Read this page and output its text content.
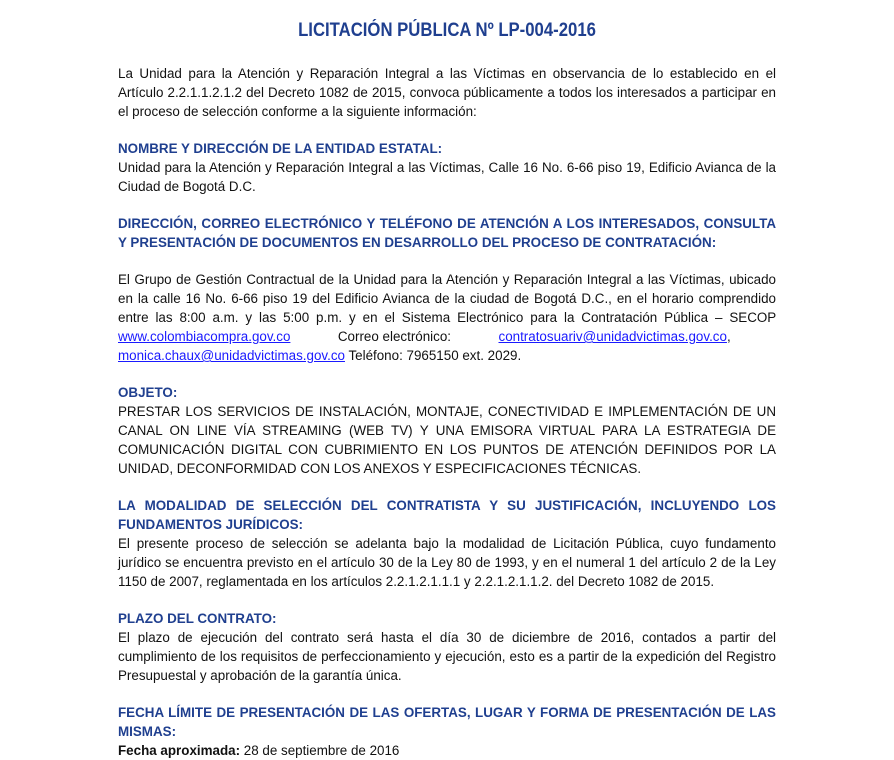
LICITACIÓN PÚBLICA Nº LP-004-2016

La Unidad para la Atención y Reparación Integral a las Víctimas en observancia de lo establecido en el Artículo 2.2.1.1.2.1.2 del Decreto 1082 de 2015, convoca públicamente a todos los interesados a participar en el proceso de selección conforme a la siguiente información:

NOMBRE Y DIRECCIÓN DE LA ENTIDAD ESTATAL:

Unidad para la Atención y Reparación Integral a las Víctimas, Calle 16 No. 6-66 piso 19, Edificio Avianca de la Ciudad de Bogotá D.C.

DIRECCIÓN, CORREO ELECTRÓNICO Y TELÉFONO DE ATENCIÓN A LOS INTERESADOS, CONSULTA Y PRESENTACIÓN DE DOCUMENTOS EN DESARROLLO DEL PROCESO DE CONTRATACIÓN:

El Grupo de Gestión Contractual de la Unidad para la Atención y Reparación Integral a las Víctimas, ubicado en la calle 16 No. 6-66 piso 19 del Edificio Avianca de la ciudad de Bogotá D.C., en el horario comprendido entre las 8:00 a.m. y las 5:00 p.m. y en el Sistema Electrónico para la Contratación Pública – SECOP www.colombiacompra.gov.co	Correo electrónico:	contratosuariv@unidadvictimas.gov.co,
monica.chaux@unidadvictimas.gov.co Teléfono: 7965150 ext. 2029.

OBJETO:

PRESTAR LOS SERVICIOS DE INSTALACIÓN, MONTAJE, CONECTIVIDAD E IMPLEMENTACIÓN DE UN CANAL ON LINE VÍA STREAMING (WEB TV) Y UNA EMISORA VIRTUAL PARA LA ESTRATEGIA DE COMUNICACIÓN DIGITAL CON CUBRIMIENTO EN LOS PUNTOS DE ATENCIÓN DEFINIDOS POR LA UNIDAD, DECONFORMIDAD CON LOS ANEXOS Y ESPECIFICACIONES TÉCNICAS.

LA MODALIDAD DE SELECCIÓN DEL CONTRATISTA Y SU JUSTIFICACIÓN, INCLUYENDO LOS FUNDAMENTOS JURÍDICOS:

El presente proceso de selección se adelanta bajo la modalidad de Licitación Pública, cuyo fundamento jurídico se encuentra previsto en el artículo 30 de la Ley 80 de 1993, y en el numeral 1 del artículo 2 de la Ley 1150 de 2007, reglamentada en los artículos 2.2.1.2.1.1.1 y 2.2.1.2.1.1.2. del Decreto 1082 de 2015.

PLAZO DEL CONTRATO:

El plazo de ejecución del contrato será hasta el día 30 de diciembre de 2016, contados a partir del cumplimiento de los requisitos de perfeccionamiento y ejecución, esto es a partir de la expedición del Registro Presupuestal y aprobación de la garantía única.

FECHA LÍMITE DE PRESENTACIÓN DE LAS OFERTAS, LUGAR Y FORMA DE PRESENTACIÓN DE LAS MISMAS:

Fecha aproximada: 28 de septiembre de 2016
